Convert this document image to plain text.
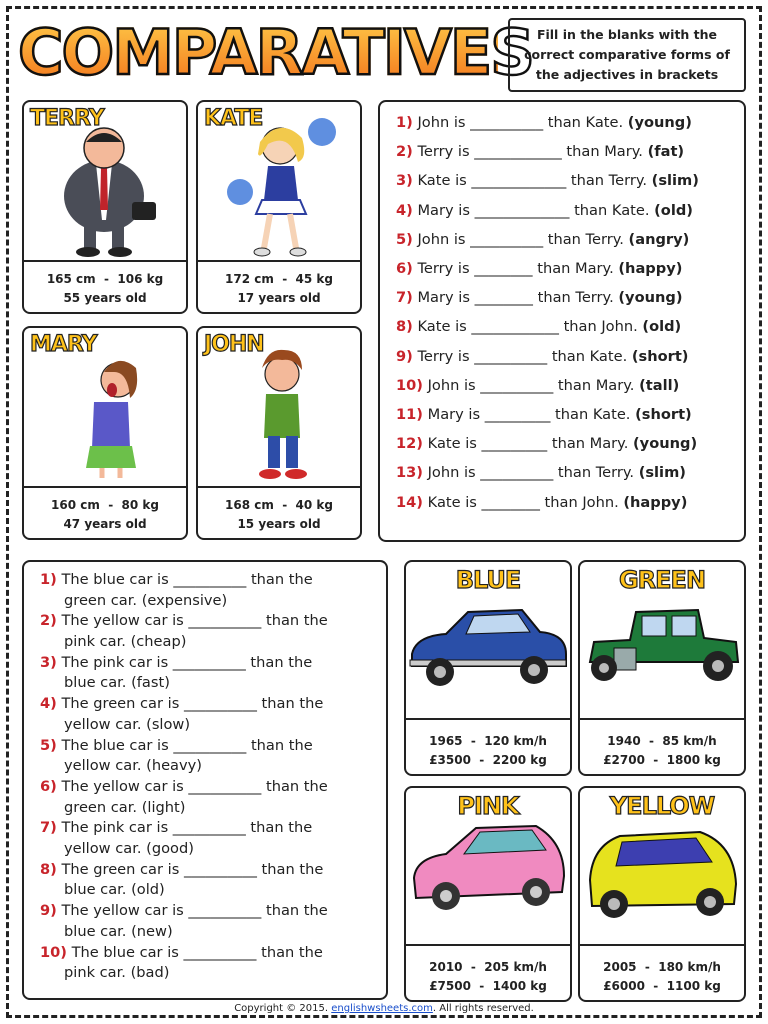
COMPARATIVES Fill in the blanks with the correct comparative forms of the adjectives in brackets
TERRY
165 cm  -  106 kg
55 years old
KATE
172 cm  -  45 kg
17 years old
MARY
160 cm  -  80 kg
47 years old
JOHN
168 cm  -  40 kg
15 years old
1) John is __________ than Kate. (young)
2) Terry is ____________ than Mary. (fat)
3) Kate is _____________ than Terry. (slim)
4) Mary is _____________ than Kate. (old)
5) John is __________ than Terry. (angry)
6) Terry is ________ than Mary. (happy)
7) Mary is ________ than Terry. (young)
8) Kate is ____________ than John. (old)
9) Terry is __________ than Kate. (short)
10) John is __________ than Mary. (tall)
11) Mary is _________ than Kate. (short)
12) Kate is _________ than Mary. (young)
13) John is __________ than Terry. (slim)
14) Kate is ________ than John. (happy)
1) The blue car is __________ than the
green car. (expensive)
2) The yellow car is __________ than the
pink car. (cheap)
3) The pink car is __________ than the
blue car. (fast)
4) The green car is __________ than the
yellow car. (slow)
5) The blue car is __________ than the
yellow car. (heavy)
6) The yellow car is __________ than the
green car. (light)
7) The pink car is __________ than the
yellow car. (good)
8) The green car is __________ than the
blue car. (old)
9) The yellow car is __________ than the
blue car. (new)
10) The blue car is __________ than the
pink car. (bad)
BLUE
1965  -  120 km/h
£3500  -  2200 kg
GREEN
1940  -  85 km/h
£2700  -  1800 kg
PINK
2010  -  205 km/h
£7500  -  1400 kg
YELLOW
2005  -  180 km/h
£6000  -  1100 kg
Copyright © 2015. englishwsheets.com. All rights reserved.
